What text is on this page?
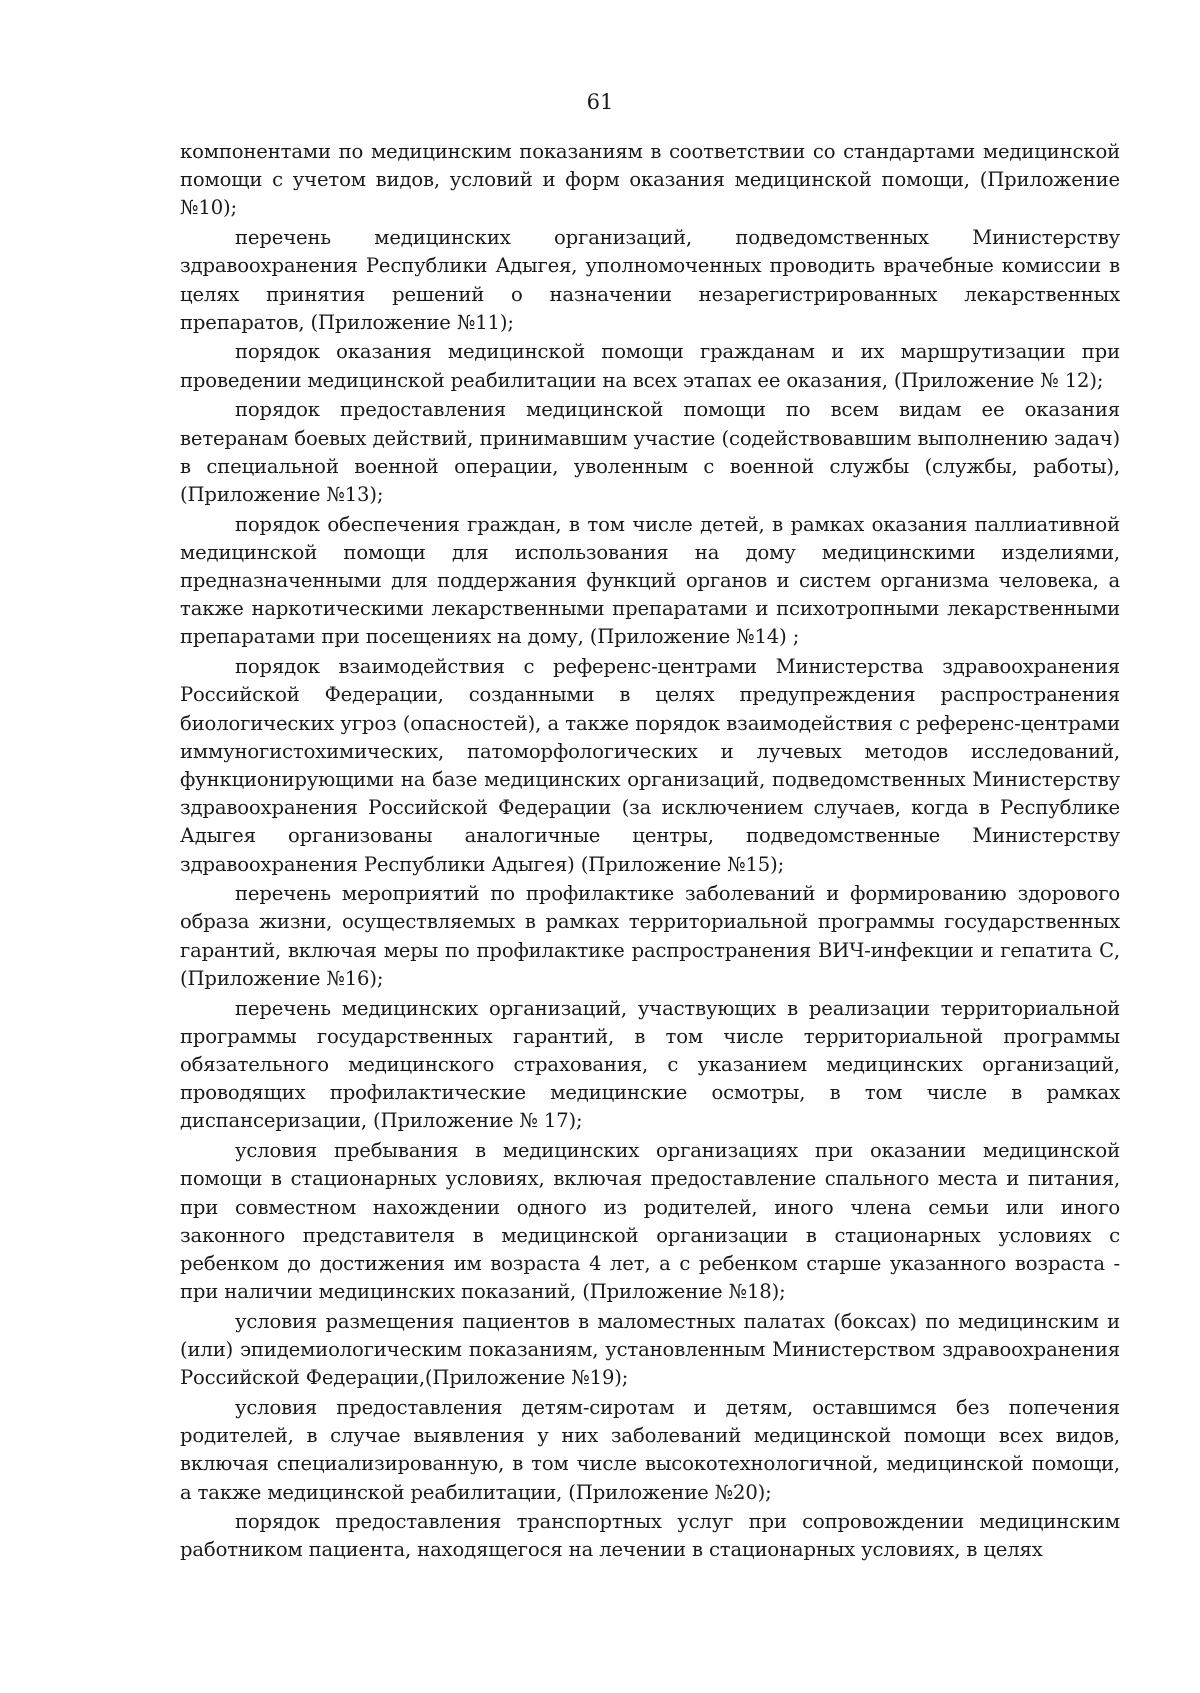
61

компонентами по медицинским показаниям в соответствии со стандартами медицинской помощи с учетом видов, условий и форм оказания медицинской помощи, (Приложение №10);

перечень медицинских организаций, подведомственных Министерству здравоохранения Республики Адыгея, уполномоченных проводить врачебные комиссии в целях принятия решений о назначении незарегистрированных лекарственных препаратов, (Приложение №11);

порядок оказания медицинской помощи гражданам и их маршрутизации при проведении медицинской реабилитации на всех этапах ее оказания, (Приложение № 12);

порядок предоставления медицинской помощи по всем видам ее оказания ветеранам боевых действий, принимавшим участие (содействовавшим выполнению задач) в специальной военной операции, уволенным с военной службы (службы, работы), (Приложение №13);

порядок обеспечения граждан, в том числе детей, в рамках оказания паллиативной медицинской помощи для использования на дому медицинскими изделиями, предназначенными для поддержания функций органов и систем организма человека, а также наркотическими лекарственными препаратами и психотропными лекарственными препаратами при посещениях на дому, (Приложение №14) ;

порядок взаимодействия с референс-центрами Министерства здравоохранения Российской Федерации, созданными в целях предупреждения распространения биологических угроз (опасностей), а также порядок взаимодействия с референс-центрами иммуногистохимических, патоморфологических и лучевых методов исследований, функционирующими на базе медицинских организаций, подведомственных Министерству здравоохранения Российской Федерации (за исключением случаев, когда в Республике Адыгея организованы аналогичные центры, подведомственные Министерству здравоохранения Республики Адыгея) (Приложение №15);

перечень мероприятий по профилактике заболеваний и формированию здорового образа жизни, осуществляемых в рамках территориальной программы государственных гарантий, включая меры по профилактике распространения ВИЧ-инфекции и гепатита С, (Приложение №16);

перечень медицинских организаций, участвующих в реализации территориальной программы государственных гарантий, в том числе территориальной программы обязательного медицинского страхования, с указанием медицинских организаций, проводящих профилактические медицинские осмотры, в том числе в рамках диспансеризации, (Приложение № 17);

условия пребывания в медицинских организациях при оказании медицинской помощи в стационарных условиях, включая предоставление спального места и питания, при совместном нахождении одного из родителей, иного члена семьи или иного законного представителя в медицинской организации в стационарных условиях с ребенком до достижения им возраста 4 лет, а с ребенком старше указанного возраста - при наличии медицинских показаний, (Приложение №18);

условия размещения пациентов в маломестных палатах (боксах) по медицинским и (или) эпидемиологическим показаниям, установленным Министерством здравоохранения Российской Федерации,(Приложение №19);

условия предоставления детям-сиротам и детям, оставшимся без попечения родителей, в случае выявления у них заболеваний медицинской помощи всех видов, включая специализированную, в том числе высокотехнологичной, медицинской помощи, а также медицинской реабилитации, (Приложение №20);

порядок предоставления транспортных услуг при сопровождении медицинским работником пациента, находящегося на лечении в стационарных условиях, в целях
